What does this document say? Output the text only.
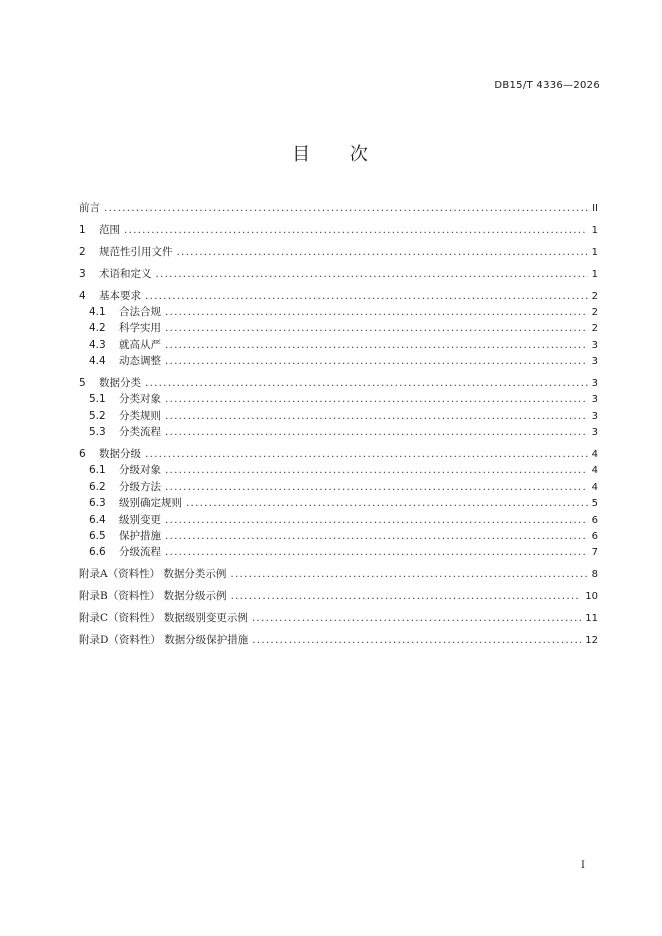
DB15/T 4336—2026
目 次
前言 .....	II
1	范围 .....	1
2	规范性引用文件 .....	1
3	术语和定义 .....	1
4	基本要求 .....	2
4.1	合法合规 .....	2
4.2	科学实用 .....	2
4.3	就高从严 .....	3
4.4	动态调整 .....	3
5	数据分类 .....	3
5.1	分类对象 .....	3
5.2	分类规则 .....	3
5.3	分类流程 .....	3
6	数据分级 .....	4
6.1	分级对象 .....	4
6.2	分级方法 .....	4
6.3	级别确定规则 .....	5
6.4	级别变更 .....	6
6.5	保护措施 .....	6
6.6	分级流程 .....	7
附录A（资料性） 数据分类示例 .....	8
附录B（资料性） 数据分级示例 .....	10
附录C（资料性） 数据级别变更示例 .....	11
附录D（资料性） 数据分级保护措施 .....	12
I
